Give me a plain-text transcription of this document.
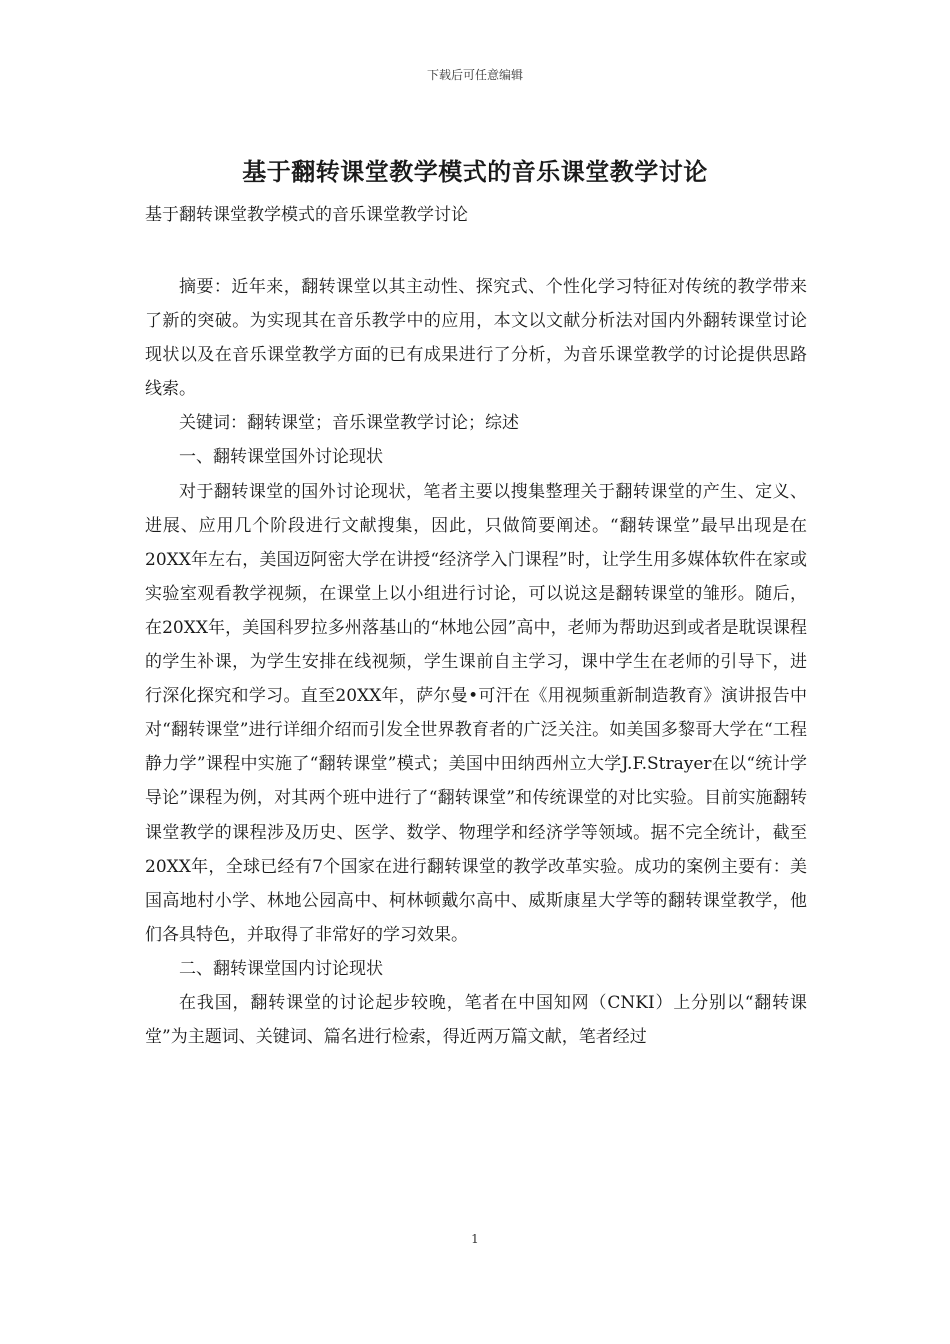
下载后可任意编辑
基于翻转课堂教学模式的音乐课堂教学讨论

基于翻转课堂教学模式的音乐课堂教学讨论

摘要：近年来，翻转课堂以其主动性、探究式、个性化学习特征对传统的教学带来了新的突破。为实现其在音乐教学中的应用，本文以文献分析法对国内外翻转课堂讨论现状以及在音乐课堂教学方面的已有成果进行了分析，为音乐课堂教学的讨论提供思路线索。

关键词：翻转课堂；音乐课堂教学讨论；综述

一、翻转课堂国外讨论现状

对于翻转课堂的国外讨论现状，笔者主要以搜集整理关于翻转课堂的产生、定义、进展、应用几个阶段进行文献搜集，因此，只做简要阐述。“翻转课堂”最早出现是在20XX年左右，美国迈阿密大学在讲授“经济学入门课程”时，让学生用多媒体软件在家或实验室观看教学视频，在课堂上以小组进行讨论，可以说这是翻转课堂的雏形。随后，在20XX年，美国科罗拉多州落基山的“林地公园”高中，老师为帮助迟到或者是耽误课程的学生补课，为学生安排在线视频，学生课前自主学习，课中学生在老师的引导下，进行深化探究和学习。直至20XX年，萨尔曼•可汗在《用视频重新制造教育》演讲报告中对“翻转课堂”进行详细介绍而引发全世界教育者的广泛关注。如美国多黎哥大学在“工程静力学”课程中实施了“翻转课堂”模式；美国中田纳西州立大学J.F.Strayer在以“统计学导论”课程为例，对其两个班中进行了“翻转课堂”和传统课堂的对比实验。目前实施翻转课堂教学的课程涉及历史、医学、数学、物理学和经济学等领域。据不完全统计，截至20XX年，全球已经有7个国家在进行翻转课堂的教学改革实验。成功的案例主要有：美国高地村小学、林地公园高中、柯林顿戴尔高中、威斯康星大学等的翻转课堂教学，他们各具特色，并取得了非常好的学习效果。

二、翻转课堂国内讨论现状

在我国，翻转课堂的讨论起步较晚，笔者在中国知网（CNKI）上分别以“翻转课堂”为主题词、关键词、篇名进行检索，得近两万篇文献，笔者经过

1
